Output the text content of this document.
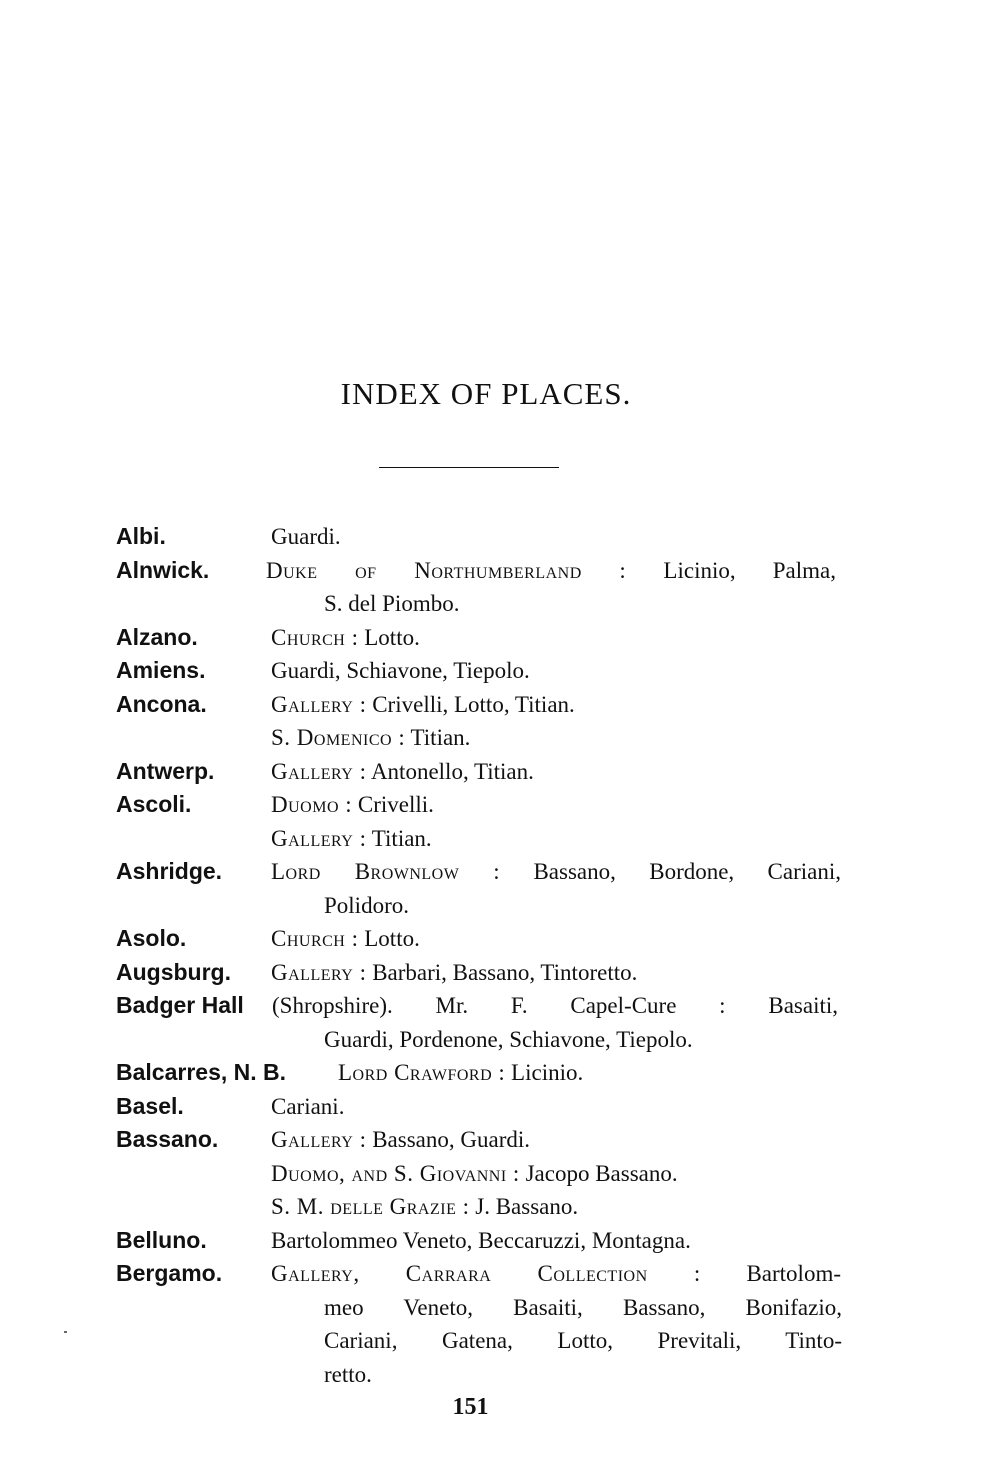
INDEX OF PLACES.
Albi.	Guardi.
Alnwick. Duke of Northumberland : Licinio, Palma,
S. del Piombo.
Alzano.	Church : Lotto.
Amiens.	Guardi, Schiavone, Tiepolo.
Ancona.	Gallery : Crivelli, Lotto, Titian.
S. Domenico : Titian.
Antwerp. Gallery : Antonello, Titian.
Ascoli.	Duomo : Crivelli.
Gallery : Titian.
Ashridge. Lord Brownlow : Bassano, Bordone, Cariani,
Polidoro.
Asolo.	Church : Lotto.
Augsburg. Gallery : Barbari, Bassano, Tintoretto.
Badger Hall (Shropshire). Mr. F. Capel-Cure : Basaiti,
Guardi, Pordenone, Schiavone, Tiepolo.
Balcarres, N. B. Lord Crawford : Licinio.
Basel.	Cariani.
Bassano. Gallery : Bassano, Guardi.
Duomo, and S. Giovanni : Jacopo Bassano.
S. M. delle Grazie : J. Bassano.
Belluno.	Bartolommeo Veneto, Beccaruzzi, Montagna.
Bergamo. Gallery, Carrara Collection : Bartolom-
meo Veneto, Basaiti, Bassano, Bonifazio,
Cariani, Gatena, Lotto, Previtali, Tinto-
retto.
151
